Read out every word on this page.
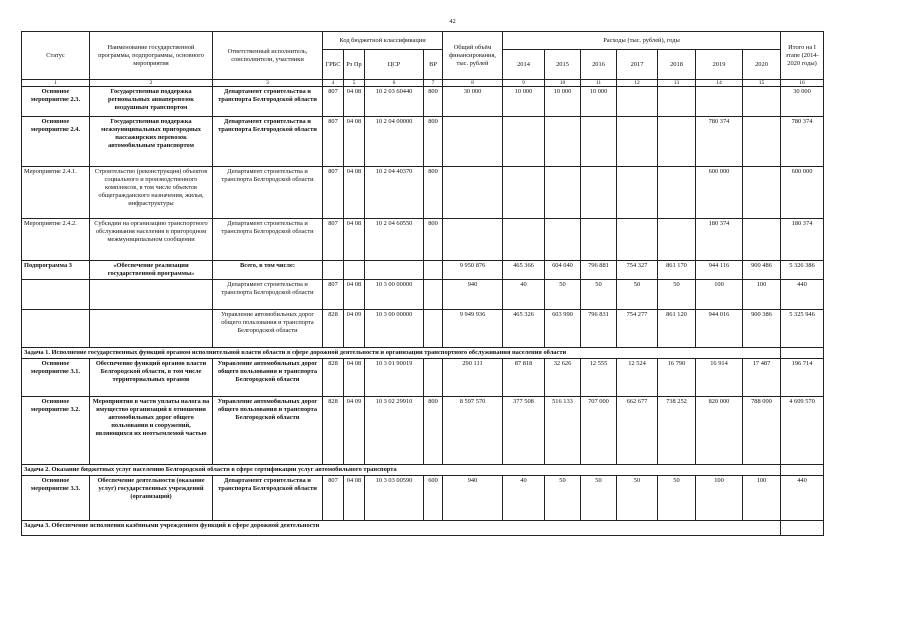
42
Статус	Наименование государственной программы, подпрограммы, основного мероприятия	Ответственный исполнитель, соисполнители, участники	Код бюджетной классификации				Общий объём финансирования, тыс. рублей	Расходы (тыс. рублей), годы							Итого на I этапе (2014-2020 годы)
			ГРБС	Рз Пр	ЦСР	ВР		2014	2015	2016	2017	2018	2019	2020	
1	2	3	4	5	6	7	8	9	10	11	12	13	14	15	16
Основное мероприятие 2.3.	Государственная поддержка региональных авиаперевозок воздушным транспортом	Департамент строительства и транспорта Белгородской области	807	04 08	10 2 03 60440	800	30 000	10 000	10 000	10 000					30 000
Основное мероприятие 2.4.	Государственная поддержка межмуниципальных пригородных пассажирских перевозок автомобильным транспортом	Департамент строительства и транспорта Белгородской области	807	04 08	10 2 04 00000	800							780 374		780 374
Мероприятие 2.4.1.	Строительство (реконструкция) объектов социального и производственного комплексов, в том числе объектов общегражданского назначения, жилья, инфраструктуры	Департамент строительства и транспорта Белгородской области	807	04 08	10 2 04 40370	800							600 000		600 000
Мероприятие 2.4.2.	Субсидии на организацию транспортного обслуживания населения в пригородном межмуниципальном сообщении	Департамент строительства и транспорта Белгородской области	807	04 08	10 2 04 60550	800							180 374		180 374
Подпрограмма 3	«Обеспечение реализации государственной программы»	Всего, в том числе:					9 950 876	465 366	604 040	796 881	754 327	861 170	944 116	900 486	5 326 386
		Департамент строительства и транспорта Белгородской области	807	04 08	10 3 00 00000		940	40	50	50	50	50	100	100	440
		Управление автомобильных дорог общего пользования и транспорта Белгородской области	828	04 09	10 3 00 00000		9 949 936	465 326	603 990	796 831	754 277	861 120	944 016	900 386	5 325 946
Задача 1. Исполнение государственных функций органом исполнительной власти области в сфере дорожной деятельности и организации транспортного обслуживания населения области															
Основное мероприятие 3.1.	Обеспечение функций органов власти Белгородской области, в том числе территориальных органов	Управление автомобильных дорог общего пользования и транспорта Белгородской области	828	04 08	10 3 01 90019		290 111	87 818	32 626	12 555	12 524	16 790	16 914	17 487	196 714
Основное мероприятие 3.2.	Мероприятия в части уплаты налога на имущество организаций в отношении автомобильных дорог общего пользования и сооружений, являющихся их неотъемлемой частью	Управление автомобильных дорог общего пользования и транспорта Белгородской области	828	04 09	10 3 02 29910	800	8 597 570	377 508	516 133	707 000	662 677	738 252	820 000	788 000	4 609 570
Задача 2. Оказание бюджетных услуг населению Белгородской области в сфере сертификации услуг автомобильного транспорта															
Основное мероприятие 3.3.	Обеспечение деятельности (оказание услуг) государственных учреждений (организаций)	Департамент строительства и транспорта Белгородской области	807	04 08	10 3 03 00590	600	940	40	50	50	50	50	100	100	440
Задача 3. Обеспечение исполнения казёнными учреждением функций в сфере дорожной деятельности															
